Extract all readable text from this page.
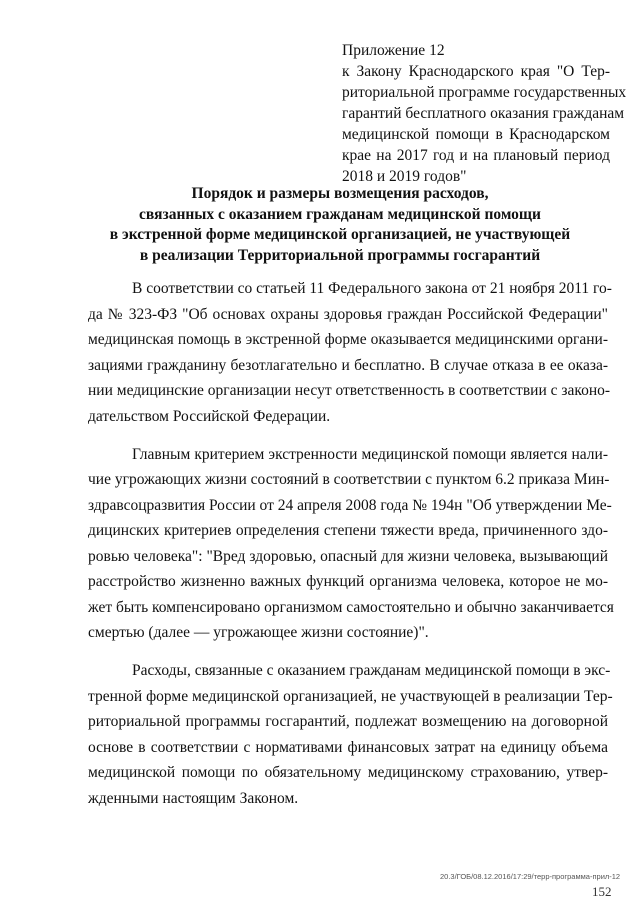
Приложение 12
к Закону Краснодарского края "О Тер-
риториальной программе государственных
гарантий бесплатного оказания гражданам
медицинской помощи в Краснодарском
крае на 2017 год и на плановый период
2018 и 2019 годов"
Порядок и размеры возмещения расходов,
связанных с оказанием гражданам медицинской помощи
в экстренной форме медицинской организацией, не участвующей
в реализации Территориальной программы госгарантий
В соответствии со статьей 11 Федерального закона от 21 ноября 2011 го-
да № 323-ФЗ "Об основах охраны здоровья граждан Российской Федерации"
медицинская помощь в экстренной форме оказывается медицинскими органи-
зациями гражданину безотлагательно и бесплатно. В случае отказа в ее оказа-
нии медицинские организации несут ответственность в соответствии с законо-
дательством Российской Федерации.
Главным критерием экстренности медицинской помощи является нали-
чие угрожающих жизни состояний в соответствии с пунктом 6.2 приказа Мин-
здравсоцразвития России от 24 апреля 2008 года № 194н "Об утверждении Ме-
дицинских критериев определения степени тяжести вреда, причиненного здо-
ровью человека": "Вред здоровью, опасный для жизни человека, вызывающий
расстройство жизненно важных функций организма человека, которое не мо-
жет быть компенсировано организмом самостоятельно и обычно заканчивается
смертью (далее — угрожающее жизни состояние)".
Расходы, связанные с оказанием гражданам медицинской помощи в экс-
тренной форме медицинской организацией, не участвующей в реализации Тер-
риториальной программы госгарантий, подлежат возмещению на договорной
основе в соответствии с нормативами финансовых затрат на единицу объема
медицинской помощи по обязательному медицинскому страхованию, утвер-
жденными настоящим Законом.
20.3/ГОБ/08.12.2016/17:29/терр-программа-прил-12
152
